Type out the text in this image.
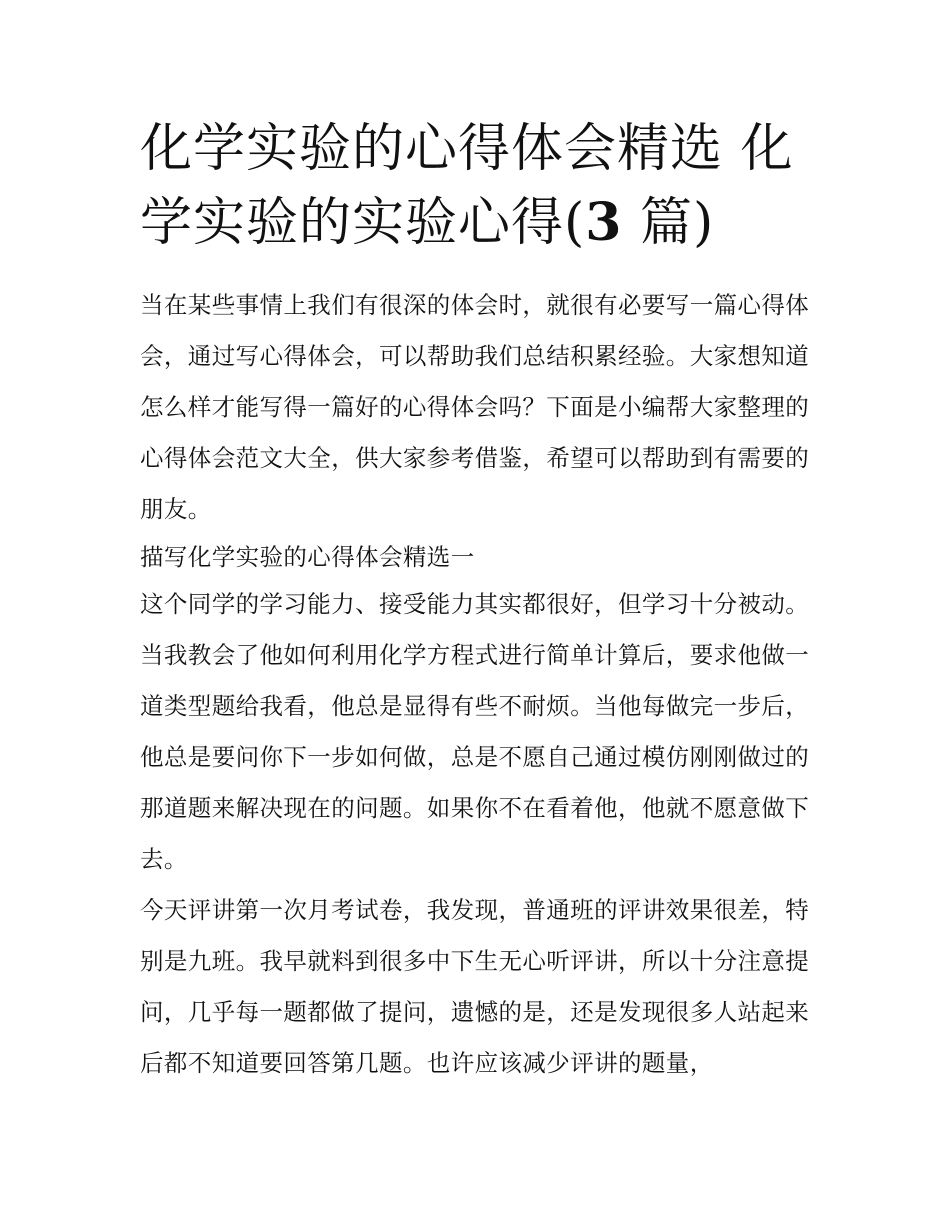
化学实验的心得体会精选 化学实验的实验心得(3 篇)

当在某些事情上我们有很深的体会时，就很有必要写一篇心得体会，通过写心得体会，可以帮助我们总结积累经验。大家想知道怎么样才能写得一篇好的心得体会吗？下面是小编帮大家整理的心得体会范文大全，供大家参考借鉴，希望可以帮助到有需要的朋友。

描写化学实验的心得体会精选一

这个同学的学习能力、接受能力其实都很好，但学习十分被动。当我教会了他如何利用化学方程式进行简单计算后，要求他做一道类型题给我看，他总是显得有些不耐烦。当他每做完一步后，他总是要问你下一步如何做，总是不愿自己通过模仿刚刚做过的那道题来解决现在的问题。如果你不在看着他，他就不愿意做下去。

今天评讲第一次月考试卷，我发现，普通班的评讲效果很差，特别是九班。我早就料到很多中下生无心听评讲，所以十分注意提问，几乎每一题都做了提问，遗憾的是，还是发现很多人站起来后都不知道要回答第几题。也许应该减少评讲的题量，
